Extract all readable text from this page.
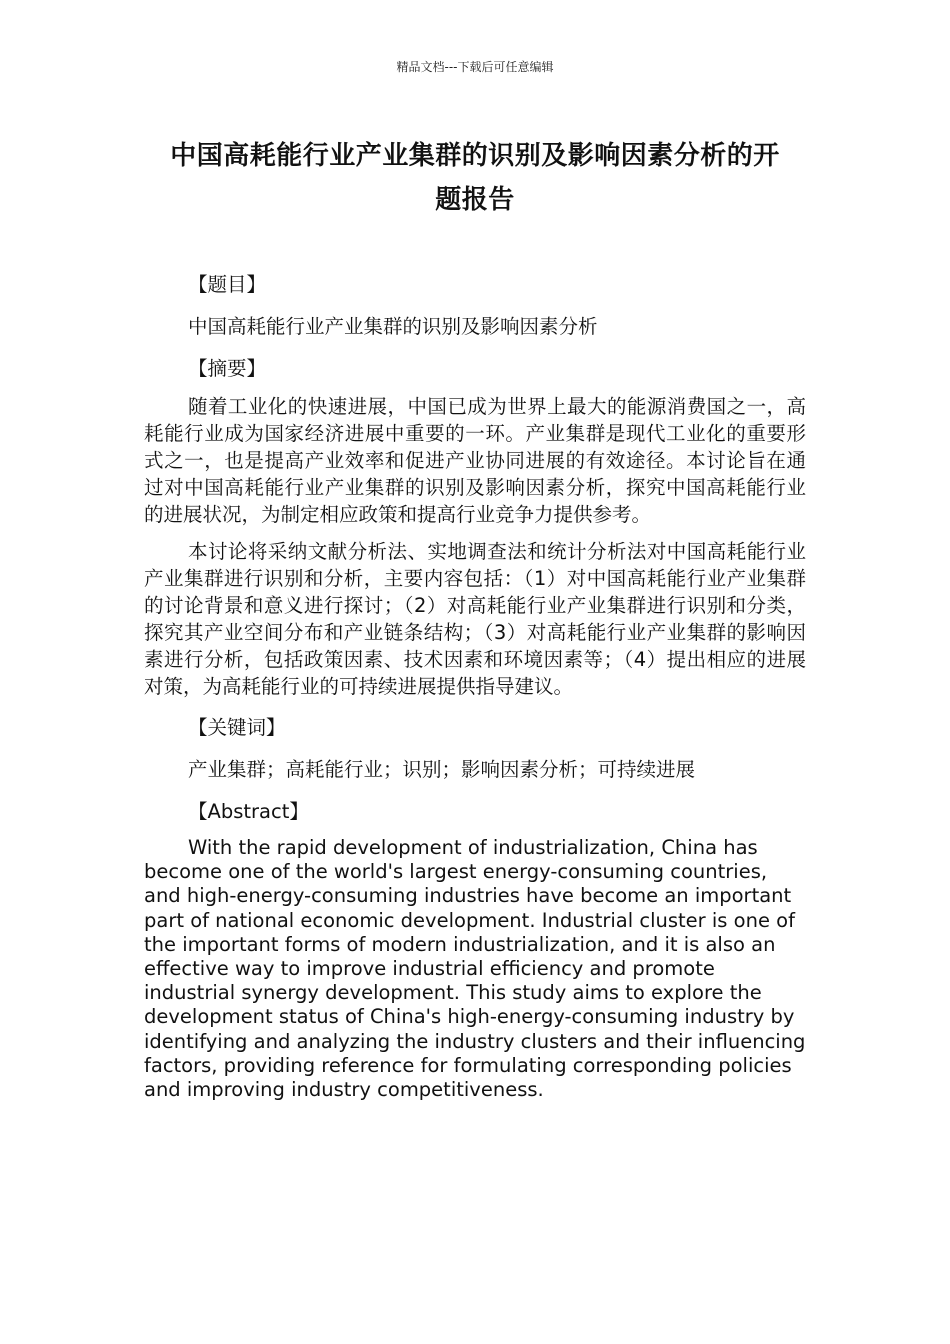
精品文档---下载后可任意编辑
中国高耗能行业产业集群的识别及影响因素分析的开
题报告

【题目】

中国高耗能行业产业集群的识别及影响因素分析

【摘要】

随着工业化的快速进展，中国已成为世界上最大的能源消费国之一，高耗能行业成为国家经济进展中重要的一环。产业集群是现代工业化的重要形式之一，也是提高产业效率和促进产业协同进展的有效途径。本讨论旨在通过对中国高耗能行业产业集群的识别及影响因素分析，探究中国高耗能行业的进展状况，为制定相应政策和提高行业竞争力提供参考。

本讨论将采纳文献分析法、实地调查法和统计分析法对中国高耗能行业产业集群进行识别和分析，主要内容包括：（1）对中国高耗能行业产业集群的讨论背景和意义进行探讨；（2）对高耗能行业产业集群进行识别和分类，探究其产业空间分布和产业链条结构；（3）对高耗能行业产业集群的影响因素进行分析，包括政策因素、技术因素和环境因素等；（4）提出相应的进展对策，为高耗能行业的可持续进展提供指导建议。

【关键词】

产业集群；高耗能行业；识别；影响因素分析；可持续进展

【Abstract】

With the rapid development of industrialization, China has become one of the world's largest energy-consuming countries, and high-energy-consuming industries have become an important part of national economic development. Industrial cluster is one of the important forms of modern industrialization, and it is also an effective way to improve industrial efficiency and promote industrial synergy development. This study aims to explore the development status of China's high-energy-consuming industry by identifying and analyzing the industry clusters and their influencing factors, providing reference for formulating corresponding policies and improving industry competitiveness.
